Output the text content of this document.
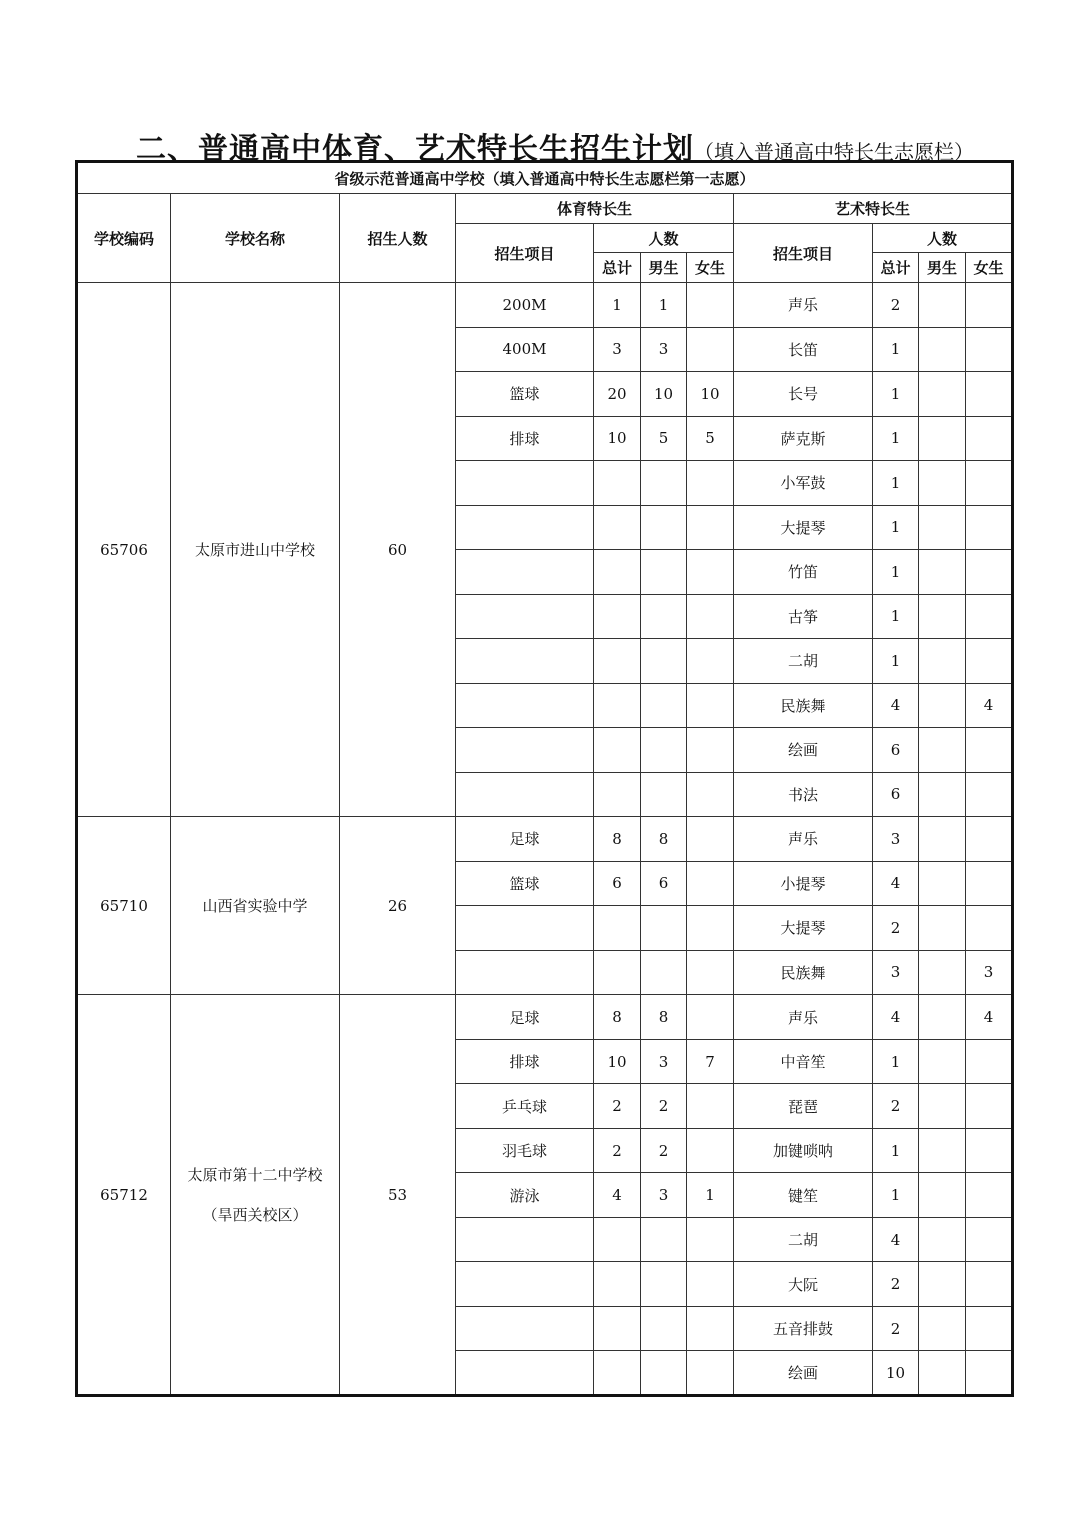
二、普通高中体育、艺术特长生招生计划（填入普通高中特长生志愿栏）
省级示范普通高中学校（填入普通高中特长生志愿栏第一志愿）										
学校编码	学校名称	招生人数	体育特长生				艺术特长生			
			招生项目	人数			招生项目	人数		
				总计	男生	女生		总计	男生	女生
65706	太原市进山中学校	60	200M	1	1		声乐	2		
			400M	3	3		长笛	1		
			篮球	20	10	10	长号	1		
			排球	10	5	5	萨克斯	1		
							小军鼓	1		
							大提琴	1		
							竹笛	1		
							古筝	1		
							二胡	1		
							民族舞	4		4
							绘画	6		
							书法	6		
65710	山西省实验中学	26	足球	8	8		声乐	3		
			篮球	6	6		小提琴	4		
							大提琴	2		
							民族舞	3		3
65712	太原市第十二中学校
（旱西关校区）	53	足球	8	8		声乐	4		4
			排球	10	3	7	中音笙	1		
			乒乓球	2	2		琵琶	2		
			羽毛球	2	2		加键唢呐	1		
			游泳	4	3	1	键笙	1		
							二胡	4		
							大阮	2		
							五音排鼓	2		
							绘画	10		
